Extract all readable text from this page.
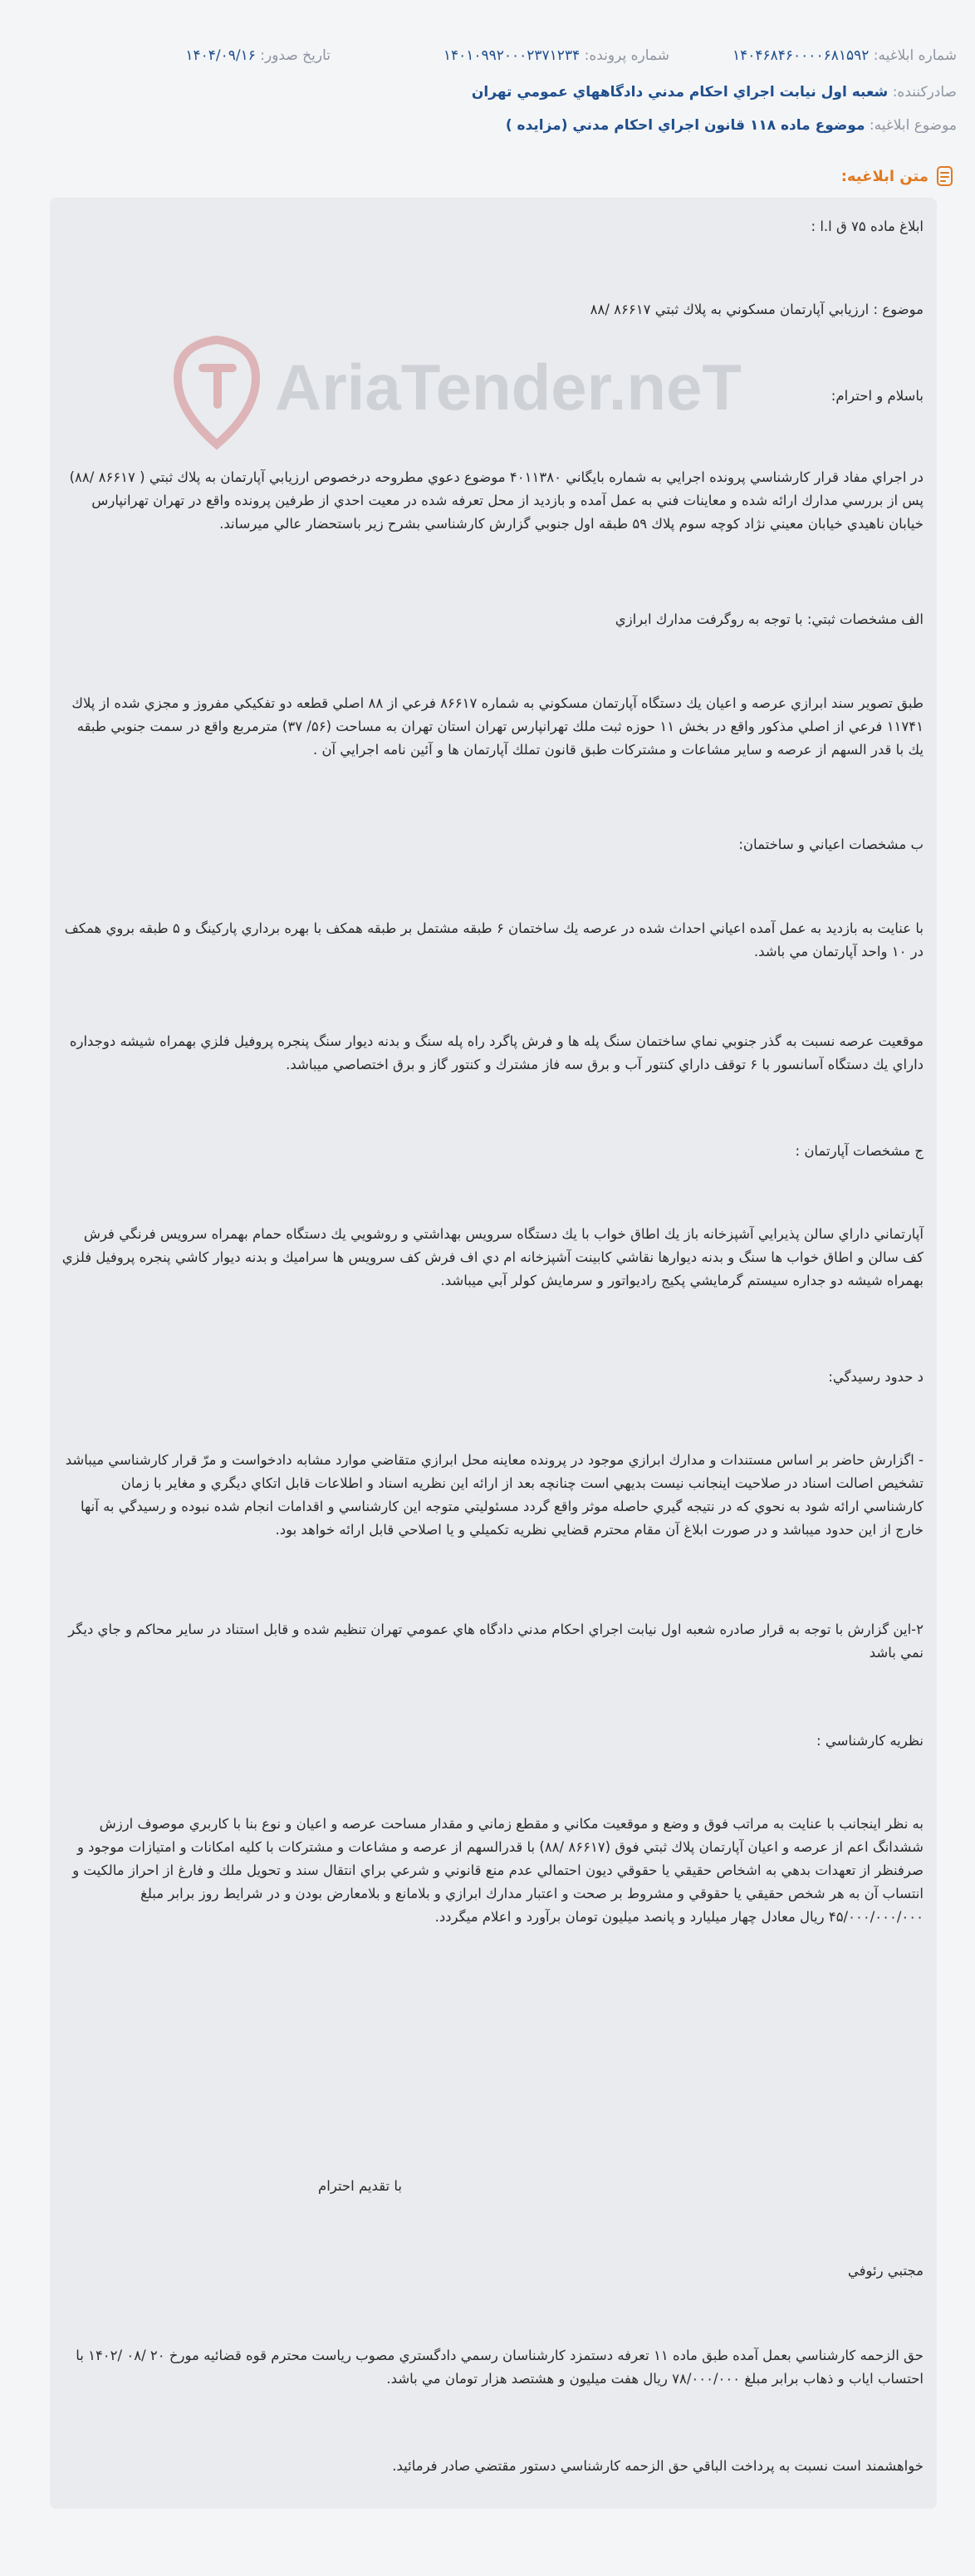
شماره ابلاغيه: ۱۴۰۴۶۸۴۶۰۰۰۰۶۸۱۵۹۲
شماره پرونده: ۱۴۰۱۰۹۹۲۰۰۰۲۳۷۱۲۳۴
تاريخ صدور: ۱۴۰۴/۰۹/۱۶
صادرکننده: شعبه اول نيابت اجراي احكام مدني دادگاههاي عمومي تهران
موضوع ابلاغيه: موضوع ماده ۱۱۸ قانون اجراي احكام مدني (مزايده )
متن ابلاغيه:
AriaTender.neT
ابلاغ ماده ۷۵ ق ا.ا :
موضوع : ارزيابي آپارتمان مسكوني به پلاك ثبتي ۸۶۶۱۷ /۸۸
باسلام و احترام:
در اجراي مفاد قرار كارشناسي پرونده اجرايي به شماره بايگاني ۴۰۱۱۳۸۰ موضوع دعوي مطروحه درخصوص ارزيابي آپارتمان به پلاك ثبتي ( ۸۶۶۱۷ /۸۸) پس از بررسي مدارك ارائه شده و معاينات فني به عمل آمده و بازديد از محل تعرفه شده در معيت احدي از طرفين پرونده واقع در تهران تهرانپارس خيابان ناهيدي خيابان معيني نژاد كوچه سوم پلاك ۵۹ طبقه اول جنوبي گزارش كارشناسي بشرح زير باستحضار عالي ميرساند.
الف مشخصات ثبتي: با توجه به روگرفت مدارك ابرازي
طبق تصوير سند ابرازي عرصه و اعيان يك دستگاه آپارتمان مسكوني به شماره ۸۶۶۱۷ فرعي از ۸۸ اصلي قطعه دو تفكيكي مفروز و مجزي شده از پلاك ۱۱۷۴۱ فرعي از اصلي مذكور واقع در بخش ۱۱ حوزه ثبت ملك تهرانپارس تهران استان تهران به مساحت (۵۶/ ۳۷) مترمربع واقع در سمت جنوبي طبقه يك با قدر السهم از عرصه و ساير مشاعات و مشتركات طبق قانون تملك آپارتمان ها و آئين نامه اجرايي آن .
ب مشخصات اعياني و ساختمان:
با عنايت به بازديد به عمل آمده اعياني احداث شده در عرصه يك ساختمان ۶ طبقه مشتمل بر طبقه همكف با بهره برداري پاركينگ و ۵ طبقه بروي همكف در ۱۰ واحد آپارتمان مي باشد.
موقعيت عرصه نسبت به گذر جنوبي نماي ساختمان سنگ پله ها و فرش پاگرد راه پله سنگ و بدنه ديوار سنگ پنجره پروفيل فلزي بهمراه شيشه دوجداره داراي يك دستگاه آسانسور با ۶ توقف داراي كنتور آب و برق سه فاز مشترك و كنتور گاز و برق اختصاصي ميباشد.
ج مشخصات آپارتمان :
آپارتماني داراي سالن پذيرايي آشپزخانه باز يك اطاق خواب با يك دستگاه سرويس بهداشتي و روشويي يك دستگاه حمام بهمراه سرويس فرنگي فرش كف سالن و اطاق خواب ها سنگ و بدنه ديوارها نقاشي كابينت آشپزخانه ام دي اف فرش كف سرويس ها سراميك و بدنه ديوار كاشي پنجره پروفيل فلزي بهمراه شيشه دو جداره سيستم گرمايشي پكيج راديواتور و سرمايش كولر آبي ميباشد.
د حدود رسيدگي:
- اگزارش حاضر بر اساس مستندات و مدارك ابرازي موجود در پرونده معاينه محل ابرازي متقاضي موارد مشابه دادخواست و مرّ قرار كارشناسي ميباشد تشخيص اصالت اسناد در صلاحيت اينجانب نيست بديهي است چنانچه بعد از ارائه اين نظريه اسناد و اطلاعات قابل اتكاي ديگري و مغاير با زمان كارشناسي ارائه شود به نحوي كه در نتيجه گيري حاصله موثر واقع گردد مسئوليتي متوجه اين كارشناسي و اقدامات انجام شده نبوده و رسيدگي به آنها خارج از اين حدود ميباشد و در صورت ابلاغ آن مقام محترم قضايي نظريه تكميلي و يا اصلاحي قابل ارائه خواهد بود.
۲-اين گزارش با توجه به قرار صادره شعبه اول نيابت اجراي احكام مدني دادگاه هاي عمومي تهران تنظيم شده و قابل استناد در ساير محاكم و جاي ديگر نمي باشد
نظريه كارشناسي :
به نظر اينجانب با عنايت به مراتب فوق و وضع و موقعيت مكاني و مقطع زماني و مقدار مساحت عرصه و اعيان و نوع بنا با كاربري موصوف ارزش ششدانگ اعم از عرصه و اعيان آپارتمان پلاك ثبتي فوق (۸۶۶۱۷ /۸۸) با قدرالسهم از عرصه و مشاعات و مشتركات با كليه امكانات و امتيازات موجود و صرفنظر از تعهدات بدهي به اشخاص حقيقي يا حقوقي ديون احتمالي عدم منع قانوني و شرعي براي انتقال سند و تحويل ملك و فارغ از احراز مالكيت و انتساب آن به هر شخص حقيقي يا حقوقي و مشروط بر صحت و اعتبار مدارك ابرازي و بلامانع و بلامعارض بودن و در شرايط روز برابر مبلغ ۴۵/۰۰۰/۰۰۰/۰۰۰ ريال معادل چهار ميليارد و پانصد ميليون تومان برآورد و اعلام ميگردد.
با تقديم احترام
مجتبي رئوفي
حق الزحمه كارشناسي بعمل آمده طبق ماده ۱۱ تعرفه دستمزد كارشناسان رسمي دادگستري مصوب رياست محترم قوه قضائيه مورخ ۲۰ /۰۸ /۱۴۰۲ با احتساب اياب و ذهاب برابر مبلغ ۷۸/۰۰۰/۰۰۰ ريال هفت ميليون و هشتصد هزار تومان مي باشد.
خواهشمند است نسبت به پرداخت الباقي حق الزحمه كارشناسي دستور مقتضي صادر فرمائيد.
